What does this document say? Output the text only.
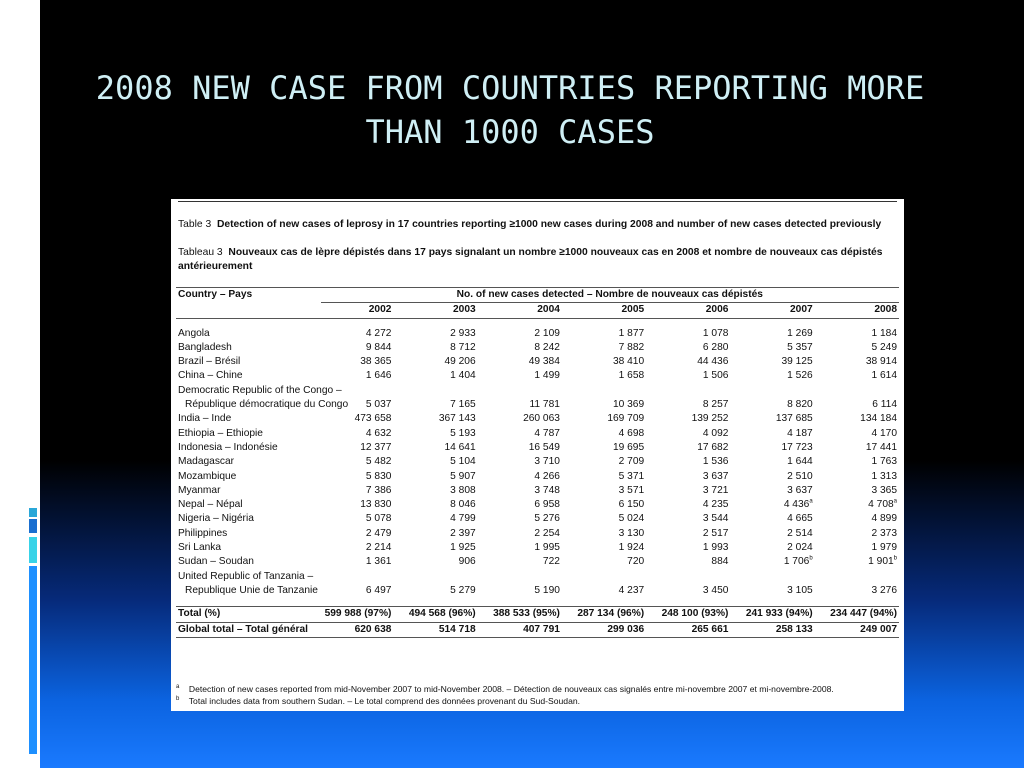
2008 NEW CASE FROM COUNTRIES REPORTING MORE
THAN 1000 CASES
Table 3 Detection of new cases of leprosy in 17 countries reporting ≥1000 new cases during 2008 and number of new cases detected previously
Tableau 3 Nouveaux cas de lèpre dépistés dans 17 pays signalant un nombre ≥1000 nouveaux cas en 2008 et nombre de nouveaux cas dépistés antérieurement
Country – Pays	No. of new cases detected – Nombre de nouveaux cas dépistés						
	2002	2003	2004	2005	2006	2007	2008

Angola	4 272	2 933	2 109	1 877	1 078	1 269	1 184
Bangladesh	9 844	8 712	8 242	7 882	6 280	5 357	5 249
Brazil – Brésil	38 365	49 206	49 384	38 410	44 436	39 125	38 914
China – Chine	1 646	1 404	1 499	1 658	1 506	1 526	1 614
Democratic Republic of the Congo –							
République démocratique du Congo	5 037	7 165	11 781	10 369	8 257	8 820	6 114
India – Inde	473 658	367 143	260 063	169 709	139 252	137 685	134 184
Ethiopia – Ethiopie	4 632	5 193	4 787	4 698	4 092	4 187	4 170
Indonesia – Indonésie	12 377	14 641	16 549	19 695	17 682	17 723	17 441
Madagascar	5 482	5 104	3 710	2 709	1 536	1 644	1 763
Mozambique	5 830	5 907	4 266	5 371	3 637	2 510	1 313
Myanmar	7 386	3 808	3 748	3 571	3 721	3 637	3 365
Nepal – Népal	13 830	8 046	6 958	6 150	4 235	4 436$^a$	4 708$^a$
Nigeria – Nigéria	5 078	4 799	5 276	5 024	3 544	4 665	4 899
Philippines	2 479	2 397	2 254	3 130	2 517	2 514	2 373
Sri Lanka	2 214	1 925	1 995	1 924	1 993	2 024	1 979
Sudan – Soudan	1 361	906	722	720	884	1 706$^b$	1 901$^b$
United Republic of Tanzania –							
Republique Unie de Tanzanie	6 497	5 279	5 190	4 237	3 450	3 105	3 276

Total (%)	599 988 (97%)	494 568 (96%)	388 533 (95%)	287 134 (96%)	248 100 (93%)	241 933 (94%)	234 447 (94%)
Global total – Total général	620 638	514 718	407 791	299 036	265 661	258 133	249 007
$^a$ Detection of new cases reported from mid-November 2007 to mid-November 2008. – Détection de nouveaux cas signalés entre mi-novembre 2007 et mi-novembre-2008.
$^b$ Total includes data from southern Sudan. – Le total comprend des données provenant du Sud-Soudan.
